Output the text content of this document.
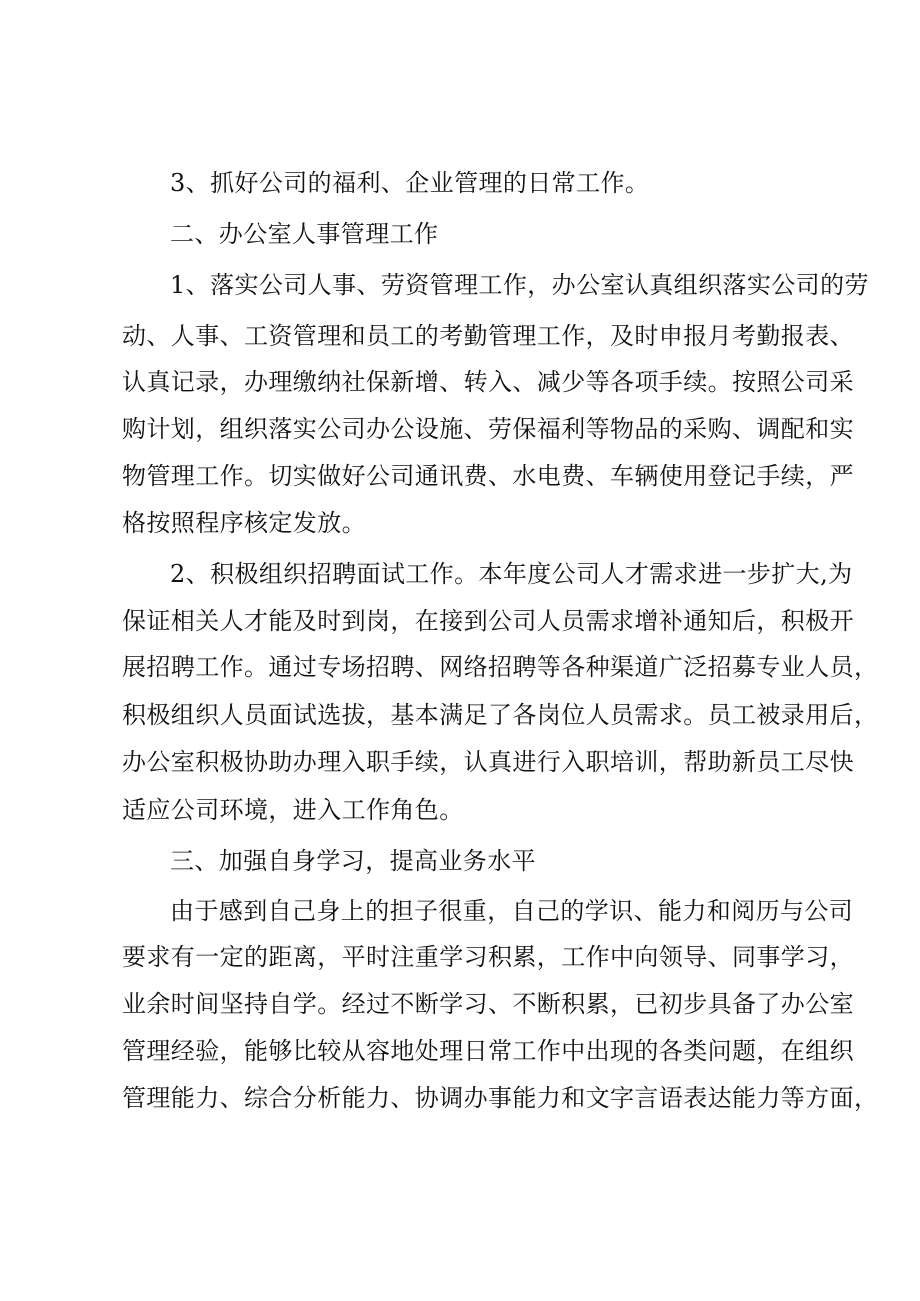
3、抓好公司的福利、企业管理的日常工作。
二、办公室人事管理工作
1、落实公司人事、劳资管理工作，办公室认真组织落实公司的劳
动、人事、工资管理和员工的考勤管理工作，及时申报月考勤报表、
认真记录，办理缴纳社保新增、转入、减少等各项手续。按照公司采
购计划，组织落实公司办公设施、劳保福利等物品的采购、调配和实
物管理工作。切实做好公司通讯费、水电费、车辆使用登记手续，严
格按照程序核定发放。
2、积极组织招聘面试工作。本年度公司人才需求进一步扩大,为
保证相关人才能及时到岗，在接到公司人员需求增补通知后，积极开
展招聘工作。通过专场招聘、网络招聘等各种渠道广泛招募专业人员，
积极组织人员面试选拔，基本满足了各岗位人员需求。员工被录用后，
办公室积极协助办理入职手续，认真进行入职培训，帮助新员工尽快
适应公司环境，进入工作角色。
三、加强自身学习，提高业务水平
由于感到自己身上的担子很重，自己的学识、能力和阅历与公司
要求有一定的距离，平时注重学习积累，工作中向领导、同事学习，
业余时间坚持自学。经过不断学习、不断积累，已初步具备了办公室
管理经验，能够比较从容地处理日常工作中出现的各类问题，在组织
管理能力、综合分析能力、协调办事能力和文字言语表达能力等方面，
